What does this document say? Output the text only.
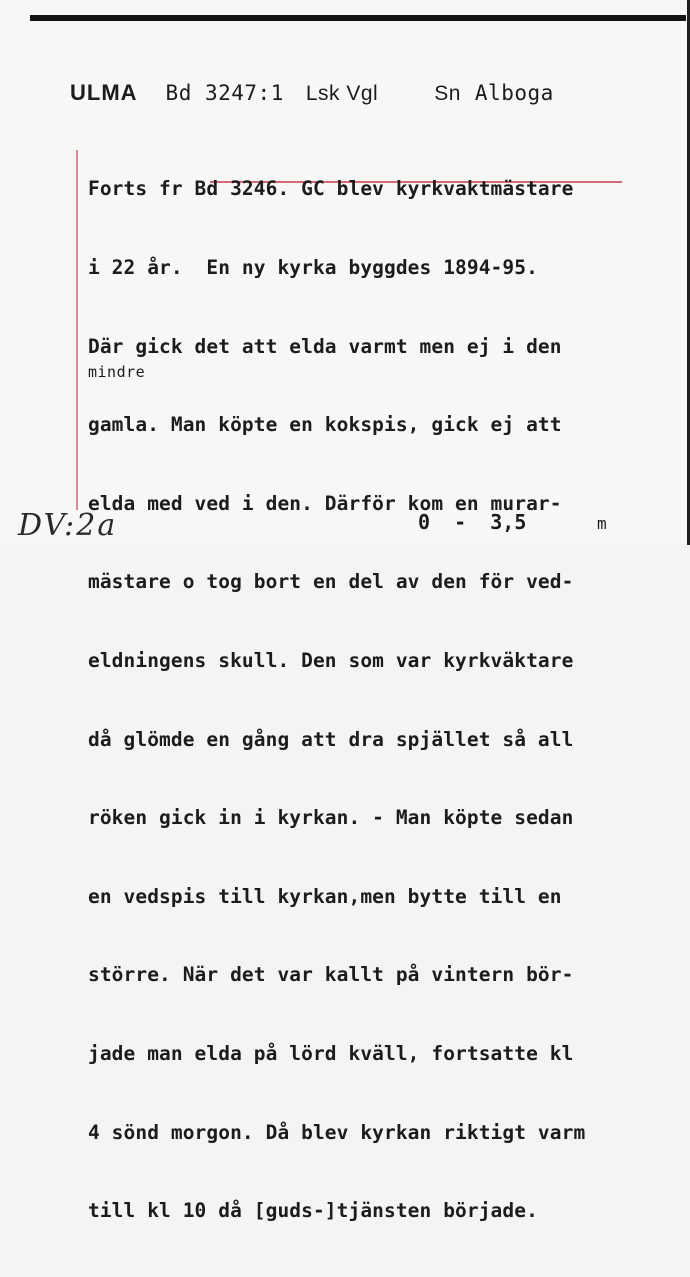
ULMA Bd 3247:1 Lsk Vgl	Sn Alboga

Forts fr Bd 3246. GC blev kyrkvaktmästare

i 22 år.  En ny kyrka byggdes 1894-95.

Där gick det att elda varmt men ej i den

gamla. Man köpte en kokspis, gick ej att

elda med ved i den. Därför kom en murar-

mästare o tog bort en del av den för ved-

eldningens skull. Den som var kyrkväktare

då glömde en gång att dra spjället så all

röken gick in i kyrkan. - Man köpte sedan

en vedspis till kyrkan,men bytte till en

större. När det var kallt på vintern bör-

jade man elda på lörd kväll, fortsatte kl

4 sönd morgon. Då blev kyrkan riktigt varm

till kl 10 då [guds-]tjänsten började.

mindre
DV:2a	0  -  3,5	m
